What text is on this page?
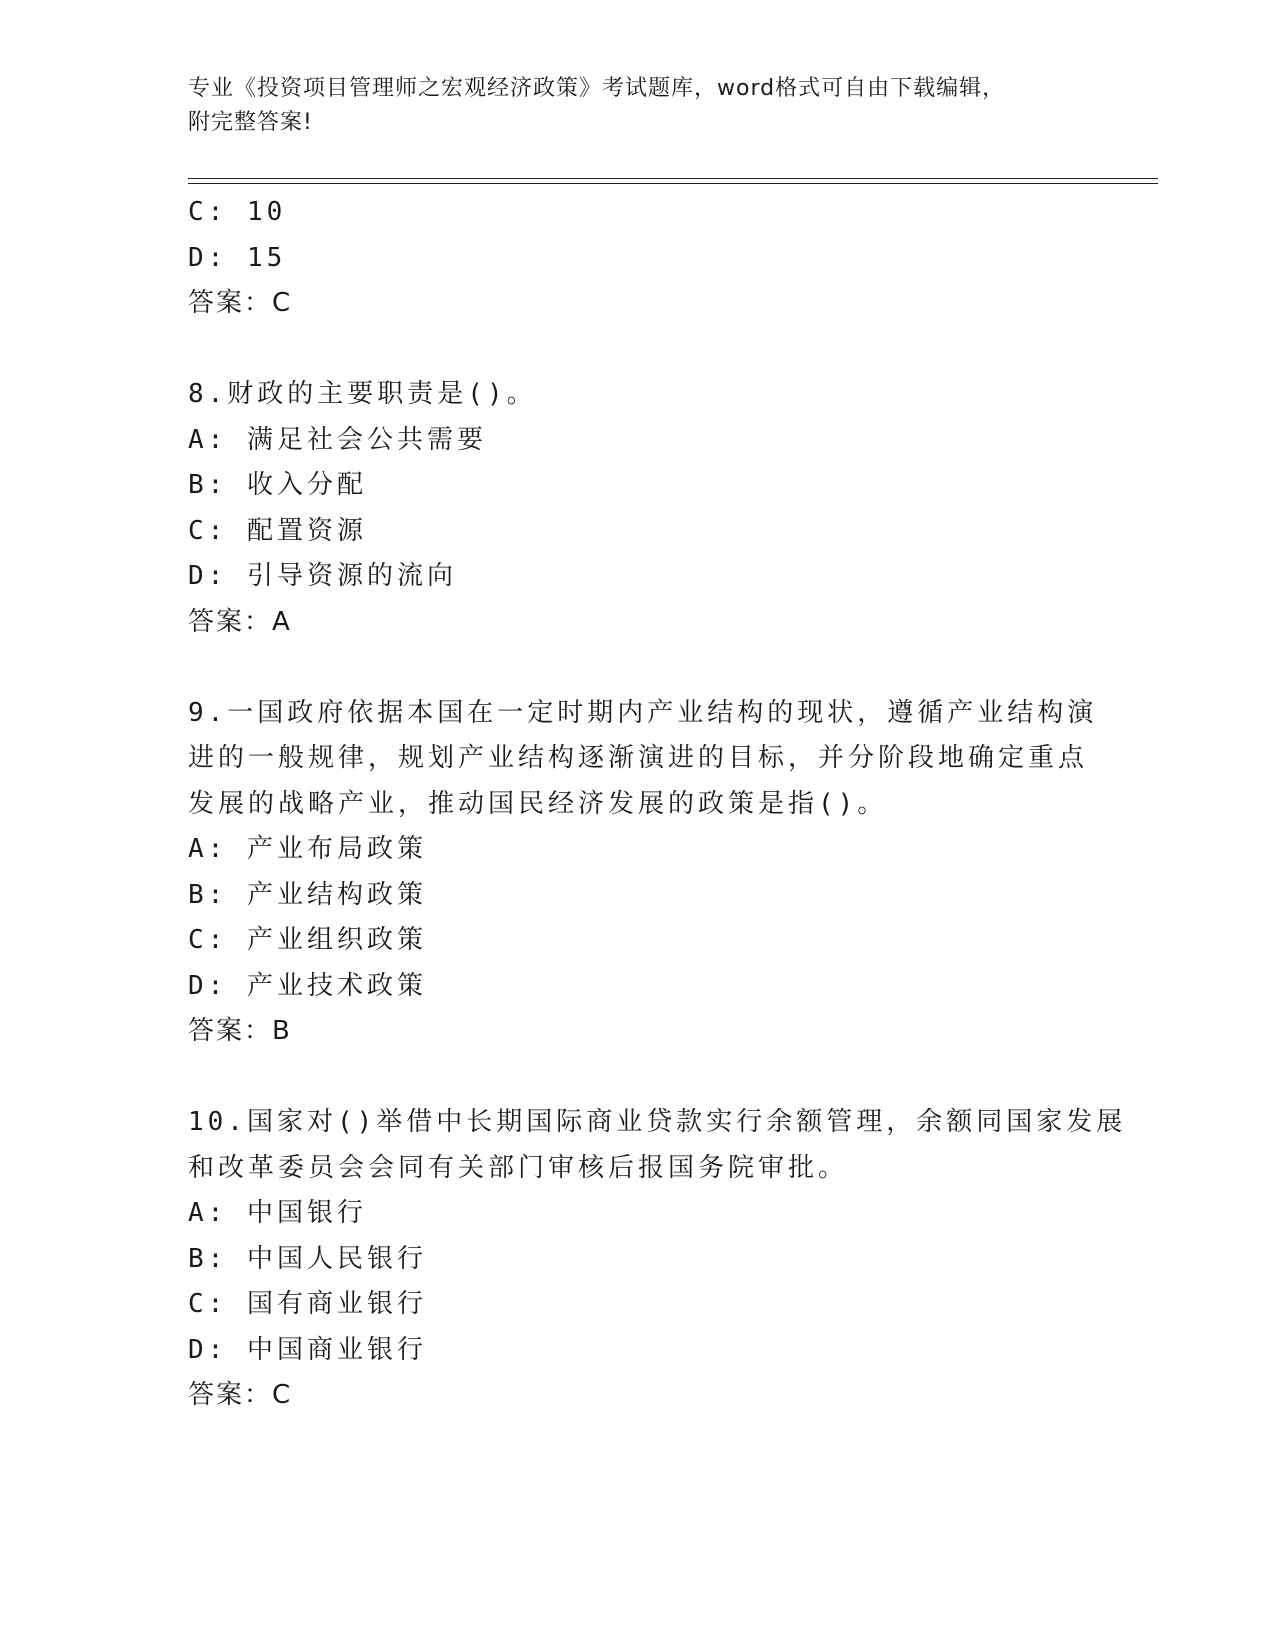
专业《投资项目管理师之宏观经济政策》考试题库，word格式可自由下载编辑，
附完整答案!
C: 10
D: 15
答案：C
8.财政的主要职责是()。
A: 满足社会公共需要
B: 收入分配
C: 配置资源
D: 引导资源的流向
答案：A
9.一国政府依据本国在一定时期内产业结构的现状，遵循产业结构演
进的一般规律，规划产业结构逐渐演进的目标，并分阶段地确定重点
发展的战略产业，推动国民经济发展的政策是指()。
A: 产业布局政策
B: 产业结构政策
C: 产业组织政策
D: 产业技术政策
答案：B
10.国家对()举借中长期国际商业贷款实行余额管理，余额同国家发展
和改革委员会会同有关部门审核后报国务院审批。
A: 中国银行
B: 中国人民银行
C: 国有商业银行
D: 中国商业银行
答案：C
